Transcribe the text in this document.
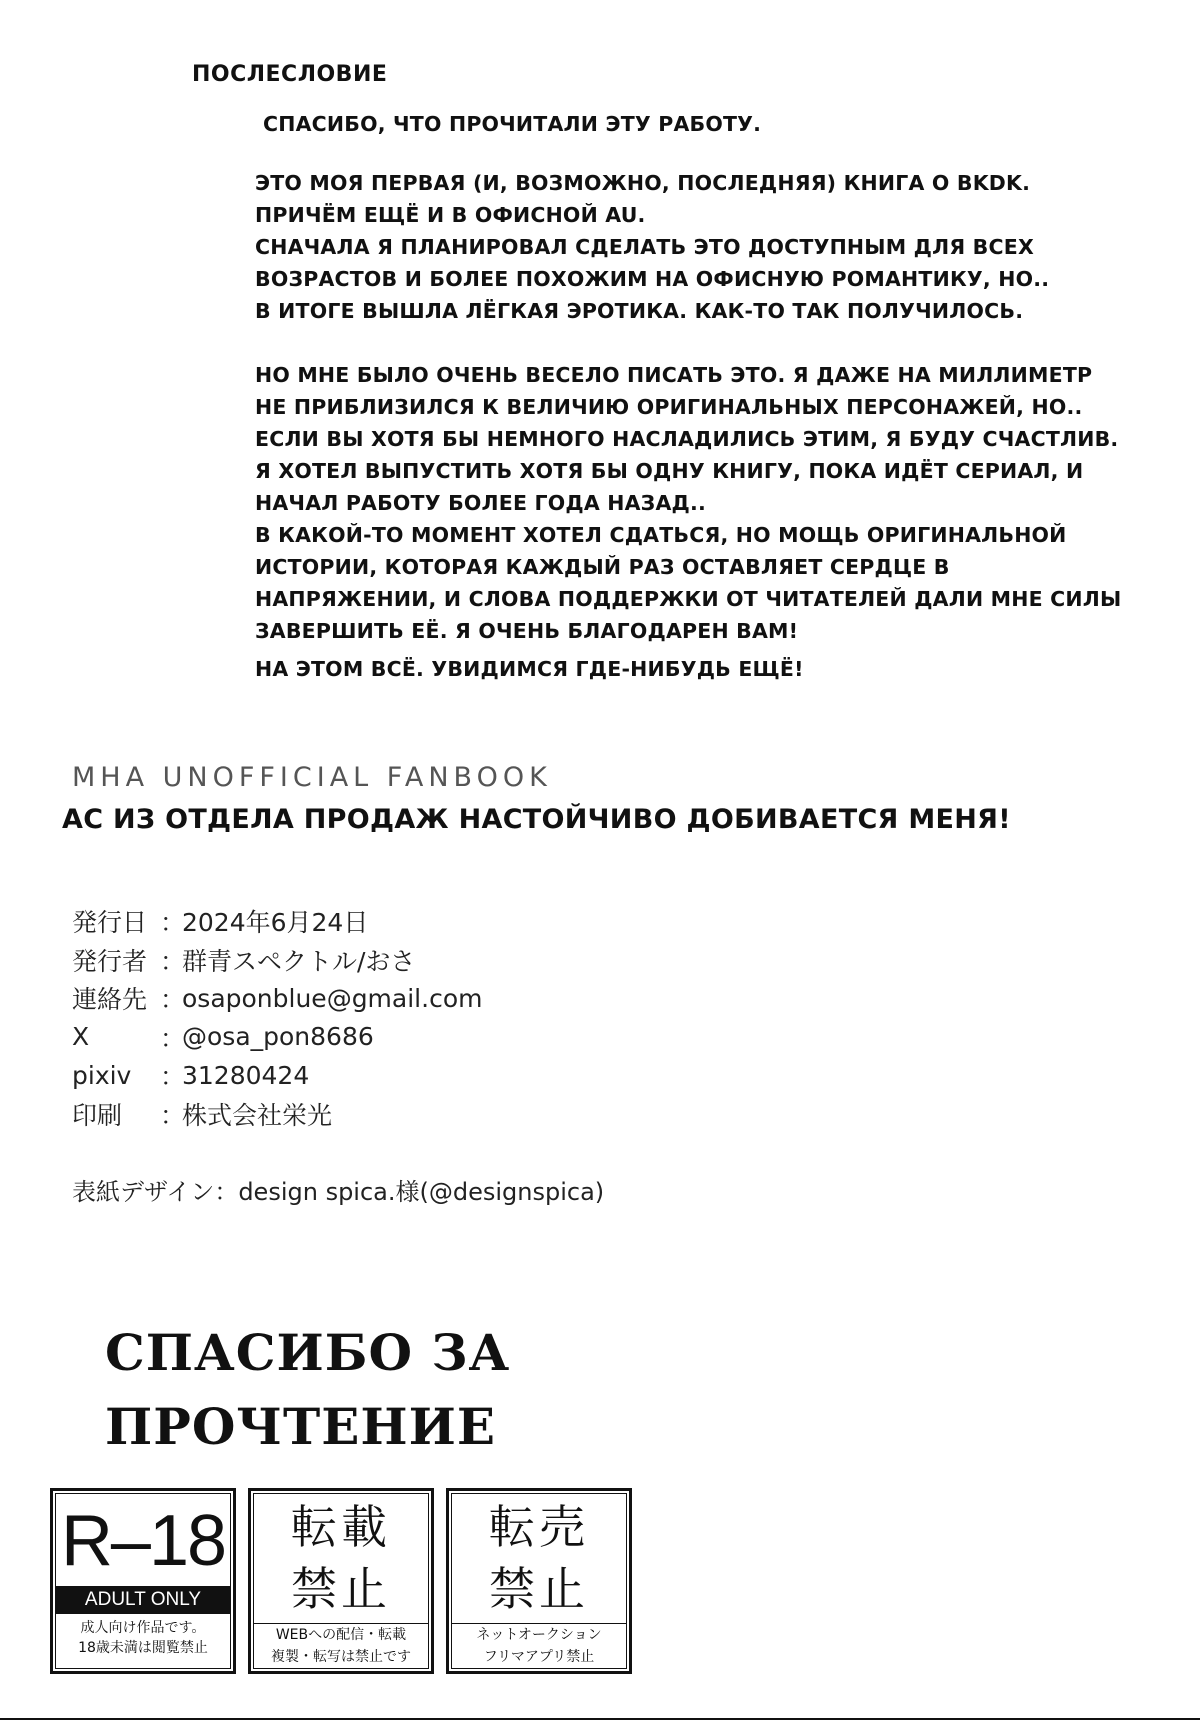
ПОСЛЕСЛОВИЕ

СПАСИБО, ЧТО ПРОЧИТАЛИ ЭТУ РАБОТУ.

ЭТО МОЯ ПЕРВАЯ (И, ВОЗМОЖНО, ПОСЛЕДНЯЯ) КНИГА О BKDK.

ПРИЧЁМ ЕЩЁ И В ОФИСНОЙ AU.

СНАЧАЛА Я ПЛАНИРОВАЛ СДЕЛАТЬ ЭТО ДОСТУПНЫМ ДЛЯ ВСЕХ

ВОЗРАСТОВ И БОЛЕЕ ПОХОЖИМ НА ОФИСНУЮ РОМАНТИКУ, НО..

В ИТОГЕ ВЫШЛА ЛЁГКАЯ ЭРОТИКА. КАК-ТО ТАК ПОЛУЧИЛОСЬ.

НО МНЕ БЫЛО ОЧЕНЬ ВЕСЕЛО ПИСАТЬ ЭТО. Я ДАЖЕ НА МИЛЛИМЕТР

НЕ ПРИБЛИЗИЛСЯ К ВЕЛИЧИЮ ОРИГИНАЛЬНЫХ ПЕРСОНАЖЕЙ, НО..

ЕСЛИ ВЫ ХОТЯ БЫ НЕМНОГО НАСЛАДИЛИСЬ ЭТИМ, Я БУДУ СЧАСТЛИВ.

Я ХОТЕЛ ВЫПУСТИТЬ ХОТЯ БЫ ОДНУ КНИГУ, ПОКА ИДЁТ СЕРИАЛ, И

НАЧАЛ РАБОТУ БОЛЕЕ ГОДА НАЗАД..

В КАКОЙ-ТО МОМЕНТ ХОТЕЛ СДАТЬСЯ, НО МОЩЬ ОРИГИНАЛЬНОЙ

ИСТОРИИ, КОТОРАЯ КАЖДЫЙ РАЗ ОСТАВЛЯЕТ СЕРДЦЕ В

НАПРЯЖЕНИИ, И СЛОВА ПОДДЕРЖКИ ОТ ЧИТАТЕЛЕЙ ДАЛИ МНЕ СИЛЫ

ЗАВЕРШИТЬ ЕЁ. Я ОЧЕНЬ БЛАГОДАРЕН ВАМ!

НА ЭТОМ ВСЁ. УВИДИМСЯ ГДЕ-НИБУДЬ ЕЩЁ!

MHA UNOFFICIAL FANBOOK

АС ИЗ ОТДЕЛА ПРОДАЖ НАСТОЙЧИВО ДОБИВАЕТСЯ МЕНЯ!
発行日 ：
2024年6月24日
発行者 ：
群青スペクトル/おさ
連絡先 ：
osaponblue@gmail.com
X	：
@osa_pon8686
pixiv	：
31280424
印刷	：
株式会社栄光
表紙デザイン：design spica.様(@designspica)
СПАСИБО ЗА
ПРОЧТЕНИЕ
R–18
ADULT ONLY
成人向け作品です。
18歳未満は閲覧禁止
転載
禁止
WEBへの配信・転載
複製・転写は禁止です
転売
禁止
ネットオークション
フリマアプリ禁止
